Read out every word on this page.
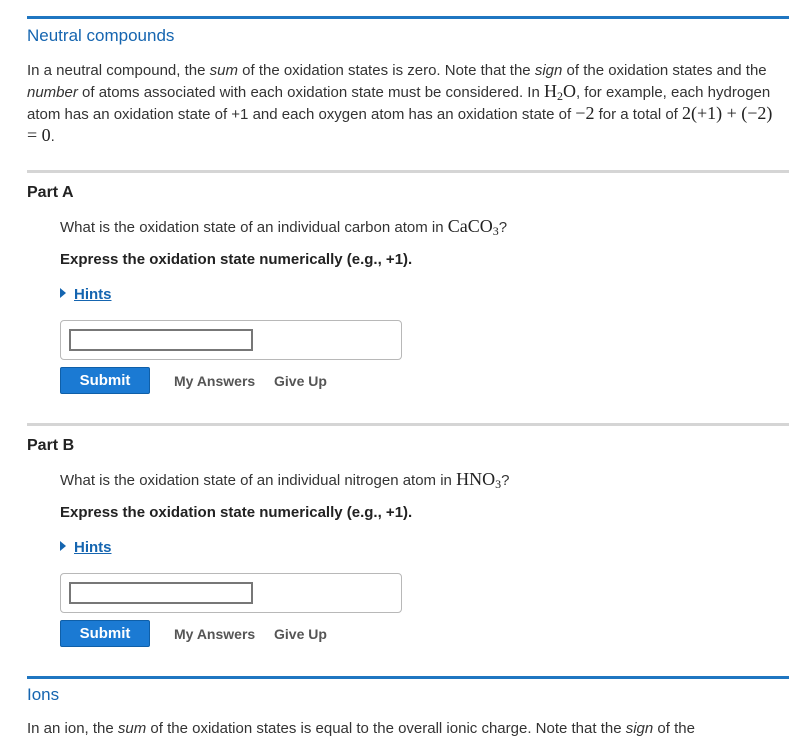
Neutral compounds
In a neutral compound, the sum of the oxidation states is zero. Note that the sign of the oxidation states and the number of atoms associated with each oxidation state must be considered. In $H_2O$, for example, each hydrogen atom has an oxidation state of +1 and each oxygen atom has an oxidation state of −2 for a total of 2(+1) + (−2) = 0.
Part A
What is the oxidation state of an individual carbon atom in CaCO$_3$?
Express the oxidation state numerically (e.g., +1).
Hints
Submit	My Answers Give Up
Part B
What is the oxidation state of an individual nitrogen atom in $HNO_3$?
Express the oxidation state numerically (e.g., +1).
Hints
Submit	My Answers Give Up
Ions
In an ion, the sum of the oxidation states is equal to the overall ionic charge. Note that the sign of the
